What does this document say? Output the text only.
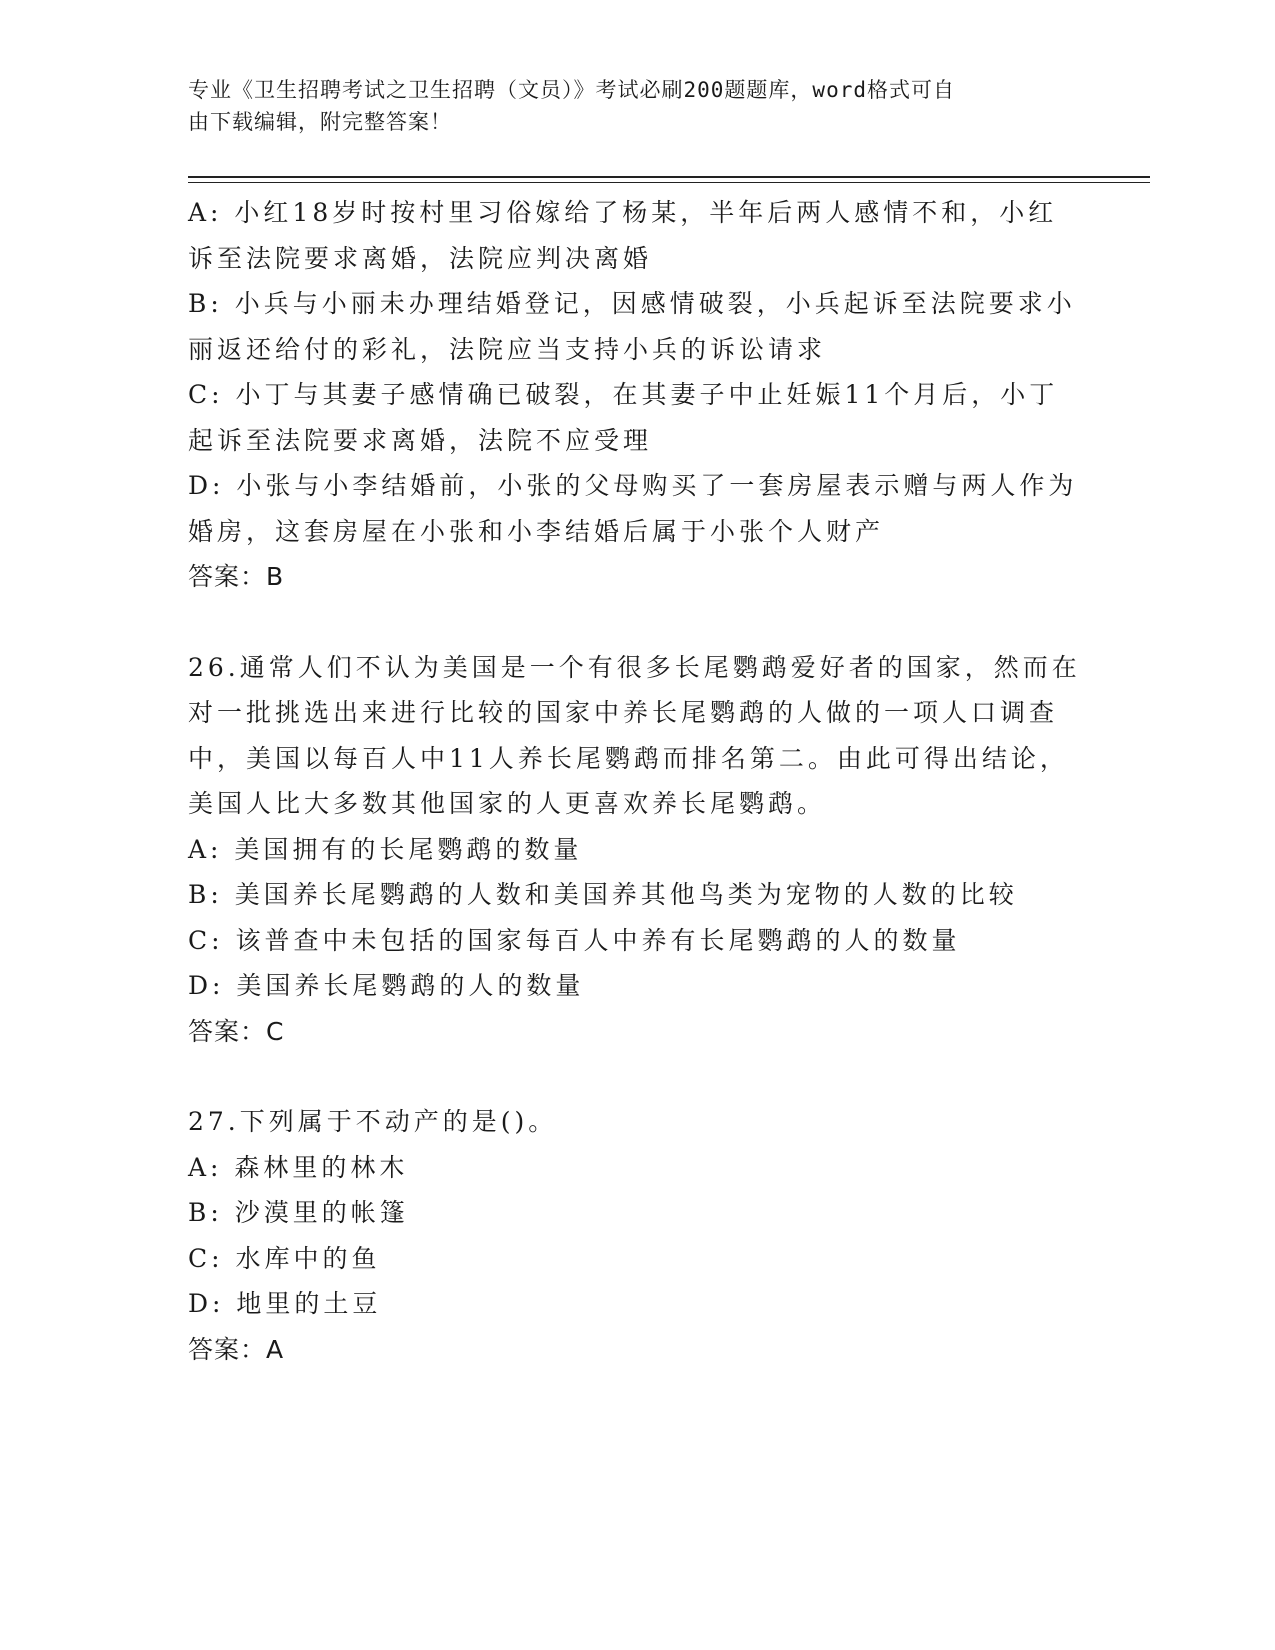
专业《卫生招聘考试之卫生招聘（文员）》考试必刷200题题库，word格式可自
由下载编辑，附完整答案！
A: 小红18岁时按村里习俗嫁给了杨某，半年后两人感情不和，小红
诉至法院要求离婚，法院应判决离婚
B: 小兵与小丽未办理结婚登记，因感情破裂，小兵起诉至法院要求小
丽返还给付的彩礼，法院应当支持小兵的诉讼请求
C: 小丁与其妻子感情确已破裂，在其妻子中止妊娠11个月后，小丁
起诉至法院要求离婚，法院不应受理
D: 小张与小李结婚前，小张的父母购买了一套房屋表示赠与两人作为
婚房，这套房屋在小张和小李结婚后属于小张个人财产
答案：B
26.通常人们不认为美国是一个有很多长尾鹦鹉爱好者的国家，然而在
对一批挑选出来进行比较的国家中养长尾鹦鹉的人做的一项人口调查
中，美国以每百人中11人养长尾鹦鹉而排名第二。由此可得出结论，
美国人比大多数其他国家的人更喜欢养长尾鹦鹉。
A: 美国拥有的长尾鹦鹉的数量
B: 美国养长尾鹦鹉的人数和美国养其他鸟类为宠物的人数的比较
C: 该普查中未包括的国家每百人中养有长尾鹦鹉的人的数量
D: 美国养长尾鹦鹉的人的数量
答案：C
27.下列属于不动产的是()。
A: 森林里的林木
B: 沙漠里的帐篷
C: 水库中的鱼
D: 地里的土豆
答案：A
